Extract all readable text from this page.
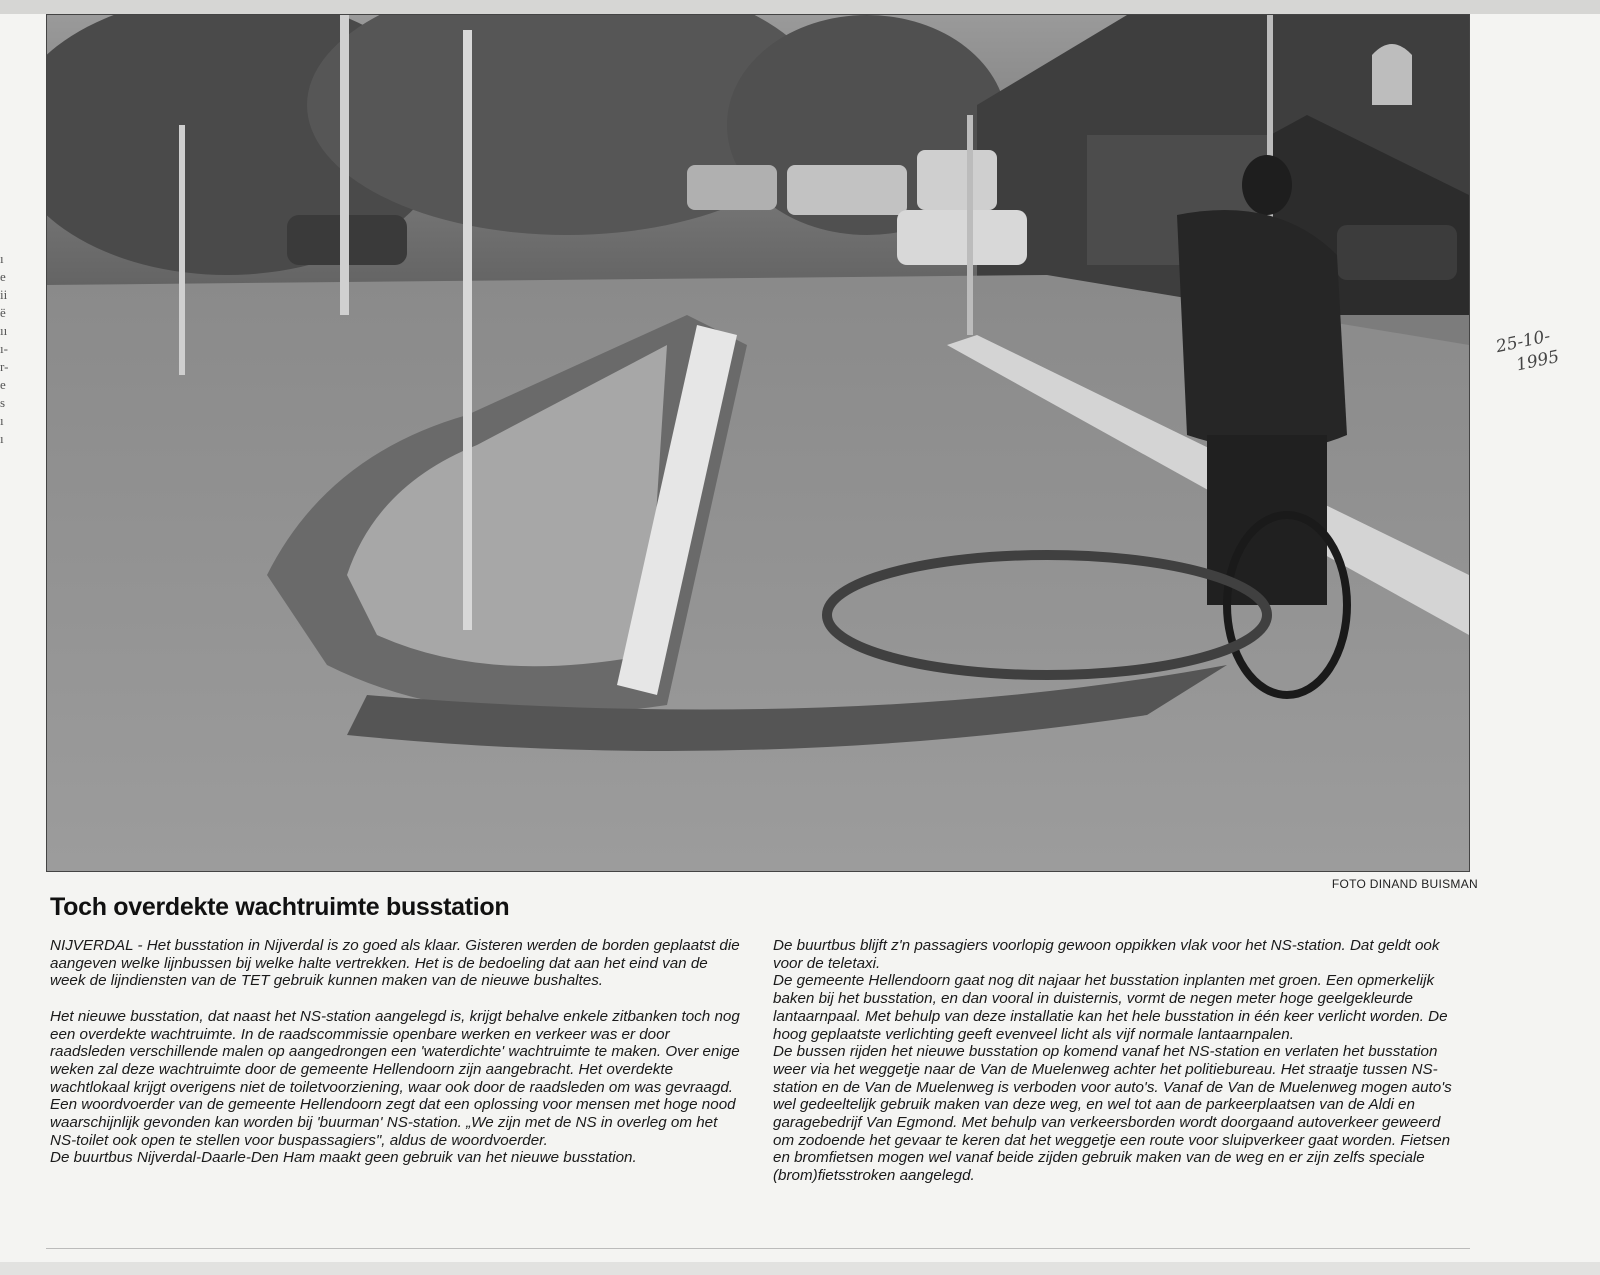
ı
e
ii
ë
ıı
ı-
r-
e
s
ı
ı
FOTO DINAND BUISMAN
Toch overdekte wachtruimte busstation

NIJVERDAL - Het busstation in Nijverdal is zo goed als klaar. Gisteren werden de borden geplaatst die aangeven welke lijnbussen bij welke halte vertrekken. Het is de bedoeling dat aan het eind van de week de lijndiensten van de TET gebruik kunnen maken van de nieuwe bushaltes.

Het nieuwe busstation, dat naast het NS-station aangelegd is, krijgt behalve enkele zitbanken toch nog een overdekte wachtruimte. In de raadscommissie openbare werken en verkeer was er door raadsleden verschillende malen op aangedrongen een 'waterdichte' wachtruimte te maken. Over enige weken zal deze wachtruimte door de gemeente Hellendoorn zijn aangebracht. Het overdekte wachtlokaal krijgt overigens niet de toiletvoorziening, waar ook door de raadsleden om was gevraagd. Een woordvoerder van de gemeente Hellendoorn zegt dat een oplossing voor mensen met hoge nood waarschijnlijk gevonden kan worden bij 'buurman' NS-station. „We zijn met de NS in overleg om het NS-toilet ook open te stellen voor buspassagiers", aldus de woordvoerder.

De buurtbus Nijverdal-Daarle-Den Ham maakt geen gebruik van het nieuwe busstation.

De buurtbus blijft z'n passagiers voorlopig gewoon oppikken vlak voor het NS-station. Dat geldt ook voor de teletaxi.

De gemeente Hellendoorn gaat nog dit najaar het busstation inplanten met groen. Een opmerkelijk baken bij het busstation, en dan vooral in duisternis, vormt de negen meter hoge geelgekleurde lantaarnpaal. Met behulp van deze installatie kan het hele busstation in één keer verlicht worden. De hoog geplaatste verlichting geeft evenveel licht als vijf normale lantaarnpalen.

De bussen rijden het nieuwe busstation op komend vanaf het NS-station en verlaten het busstation weer via het weggetje naar de Van de Muelenweg achter het politiebureau. Het straatje tussen NS-station en de Van de Muelenweg is verboden voor auto's. Vanaf de Van de Muelenweg mogen auto's wel gedeeltelijk gebruik maken van deze weg, en wel tot aan de parkeerplaatsen van de Aldi en garagebedrijf Van Egmond. Met behulp van verkeersborden wordt doorgaand autoverkeer geweerd om zodoende het gevaar te keren dat het weggetje een route voor sluipverkeer gaat worden. Fietsen en bromfietsen mogen wel vanaf beide zijden gebruik maken van de weg en er zijn zelfs speciale (brom)fietsstroken aangelegd.

25-10-
1995
